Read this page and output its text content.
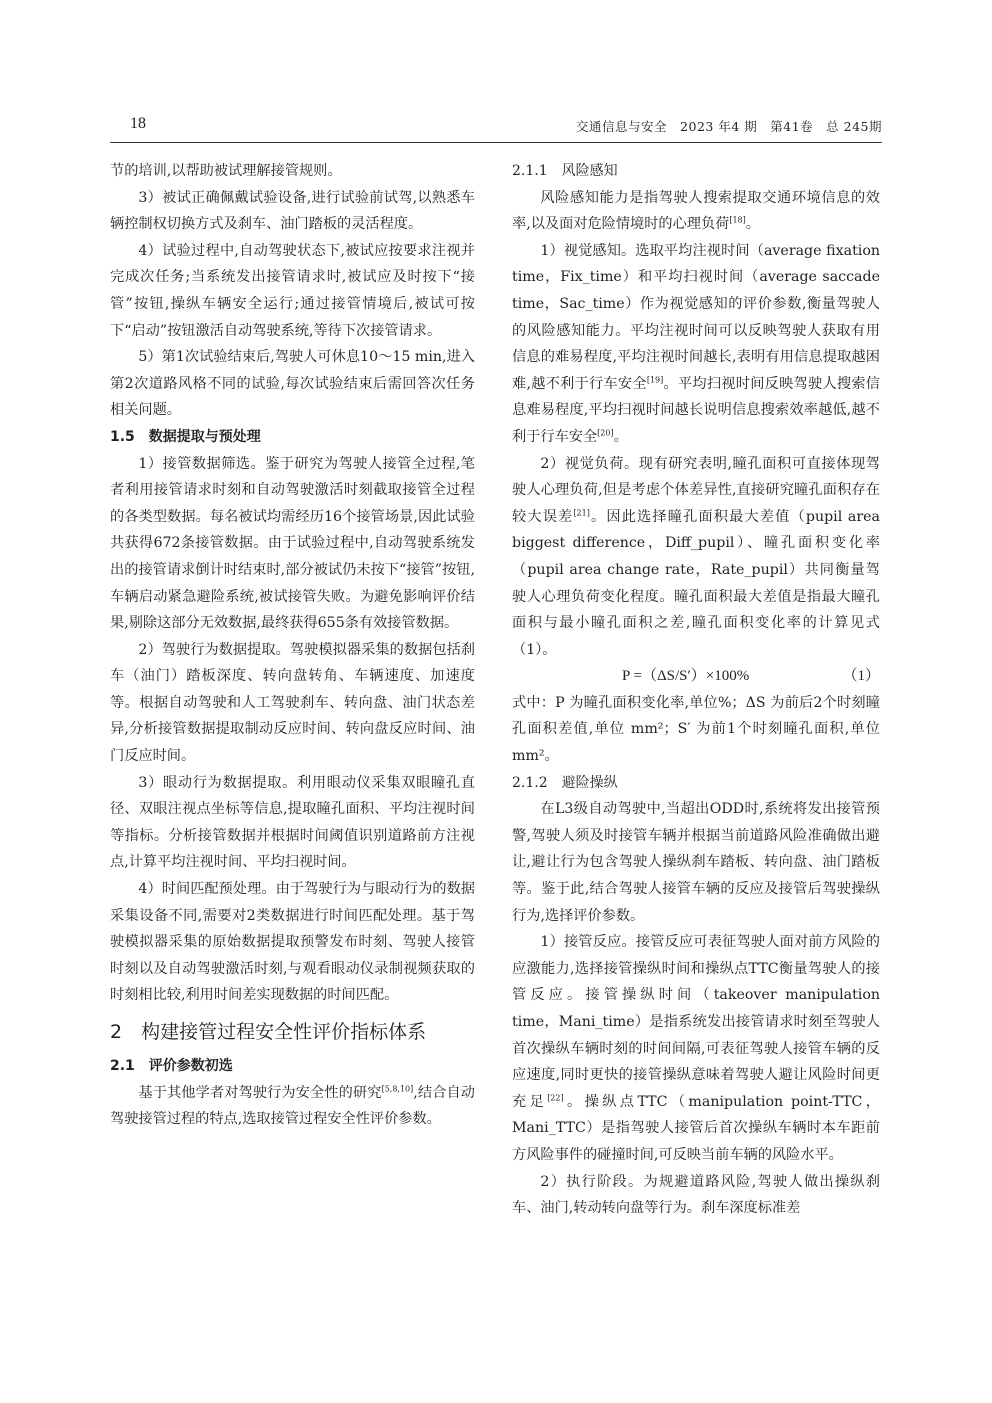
18	交通信息与安全　2023 年4 期　第41卷　总 245期

节的培训,以帮助被试理解接管规则。

3）被试正确佩戴试验设备,进行试验前试驾,以熟悉车辆控制权切换方式及刹车、油门踏板的灵活程度。

4）试验过程中,自动驾驶状态下,被试应按要求注视并完成次任务;当系统发出接管请求时,被试应及时按下“接管”按钮,操纵车辆安全运行;通过接管情境后,被试可按下“启动”按钮激活自动驾驶系统,等待下次接管请求。

5）第1次试验结束后,驾驶人可休息10～15 min,进入第2次道路风格不同的试验,每次试验结束后需回答次任务相关问题。

1.5　数据提取与预处理

1）接管数据筛选。鉴于研究为驾驶人接管全过程,笔者利用接管请求时刻和自动驾驶激活时刻截取接管全过程的各类型数据。每名被试均需经历16个接管场景,因此试验共获得672条接管数据。由于试验过程中,自动驾驶系统发出的接管请求倒计时结束时,部分被试仍未按下“接管”按钮,车辆启动紧急避险系统,被试接管失败。为避免影响评价结果,剔除这部分无效数据,最终获得655条有效接管数据。

2）驾驶行为数据提取。驾驶模拟器采集的数据包括刹车（油门）踏板深度、转向盘转角、车辆速度、加速度等。根据自动驾驶和人工驾驶刹车、转向盘、油门状态差异,分析接管数据提取制动反应时间、转向盘反应时间、油门反应时间。

3）眼动行为数据提取。利用眼动仪采集双眼瞳孔直径、双眼注视点坐标等信息,提取瞳孔面积、平均注视时间等指标。分析接管数据并根据时间阈值识别道路前方注视点,计算平均注视时间、平均扫视时间。

4）时间匹配预处理。由于驾驶行为与眼动行为的数据采集设备不同,需要对2类数据进行时间匹配处理。基于驾驶模拟器采集的原始数据提取预警发布时刻、驾驶人接管时刻以及自动驾驶激活时刻,与观看眼动仪录制视频获取的时刻相比较,利用时间差实现数据的时间匹配。

2　构建接管过程安全性评价指标体系
2.1　评价参数初选

基于其他学者对驾驶行为安全性的研究[5,8,10],结合自动驾驶接管过程的特点,选取接管过程安全性评价参数。

2.1.1　风险感知

风险感知能力是指驾驶人搜索提取交通环境信息的效率,以及面对危险情境时的心理负荷[18]。

1）视觉感知。选取平均注视时间（average fixation time，Fix_time）和平均扫视时间（average saccade time，Sac_time）作为视觉感知的评价参数,衡量驾驶人的风险感知能力。平均注视时间可以反映驾驶人获取有用信息的难易程度,平均注视时间越长,表明有用信息提取越困难,越不利于行车安全[19]。平均扫视时间反映驾驶人搜索信息难易程度,平均扫视时间越长说明信息搜索效率越低,越不利于行车安全[20]。

2）视觉负荷。现有研究表明,瞳孔面积可直接体现驾驶人心理负荷,但是考虑个体差异性,直接研究瞳孔面积存在较大误差[21]。因此选择瞳孔面积最大差值（pupil area biggest difference，Diff_pupil）、瞳孔面积变化率（pupil area change rate，Rate_pupil）共同衡量驾驶人心理负荷变化程度。瞳孔面积最大差值是指最大瞳孔面积与最小瞳孔面积之差,瞳孔面积变化率的计算见式（1）。

P =（ΔS/S′）×100%	（1）

式中：P 为瞳孔面积变化率,单位%；ΔS 为前后2个时刻瞳孔面积差值,单位 mm²；S′ 为前1个时刻瞳孔面积,单位 mm²。

2.1.2　避险操纵

在L3级自动驾驶中,当超出ODD时,系统将发出接管预警,驾驶人须及时接管车辆并根据当前道路风险准确做出避让,避让行为包含驾驶人操纵刹车踏板、转向盘、油门踏板等。鉴于此,结合驾驶人接管车辆的反应及接管后驾驶操纵行为,选择评价参数。

1）接管反应。接管反应可表征驾驶人面对前方风险的应激能力,选择接管操纵时间和操纵点TTC衡量驾驶人的接管反应。接管操纵时间（takeover manipulation time，Mani_time）是指系统发出接管请求时刻至驾驶人首次操纵车辆时刻的时间间隔,可表征驾驶人接管车辆的反应速度,同时更快的接管操纵意味着驾驶人避让风险时间更充足[22]。操纵点TTC（manipulation point-TTC，Mani_TTC）是指驾驶人接管后首次操纵车辆时本车距前方风险事件的碰撞时间,可反映当前车辆的风险水平。

2）执行阶段。为规避道路风险,驾驶人做出操纵刹车、油门,转动转向盘等行为。刹车深度标准差
